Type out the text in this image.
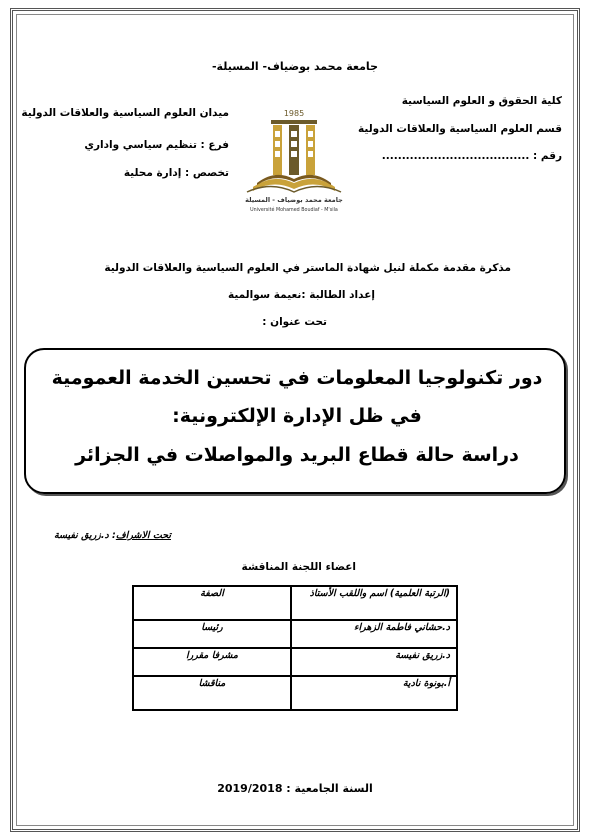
جامعة محمد بوضياف- المسيلة-
كلية الحقوق و العلوم السياسية
قسم العلوم السياسية والعلاقات الدولية
رقم : .....................................
ميدان العلوم السياسية والعلاقات الدولية
فرع : تنظيم سياسي واداري
تخصص : إدارة محلية
1985
جامعة محمد بوضياف - المسيلة
Université Mohamed Boudiaf - M'sila
مذكرة مقدمة مكملة لنيل شهادة الماستر في العلوم السياسية والعلاقات الدولية
إعداد الطالبة :نعيمة سوالمية
تحت عنوان :
دور تكنولوجيا المعلومات في تحسين الخدمة العمومية
في ظل الإدارة الإلكترونية:
دراسة حالة قطاع البريد والمواصلات في الجزائر
تحت الاشراف: د.زريق نفيسة
اعضاء اللجنة المناقشة
(الرتبة العلمية) اسم واللقب الأستاذ	الصفة
د.حشاني فاطمة الزهراء	رئيسا
د.زريق نفيسة	مشرفا مقررا
أ.بونوة نادية	مناقشا
السنة الجامعية : 2019/2018
